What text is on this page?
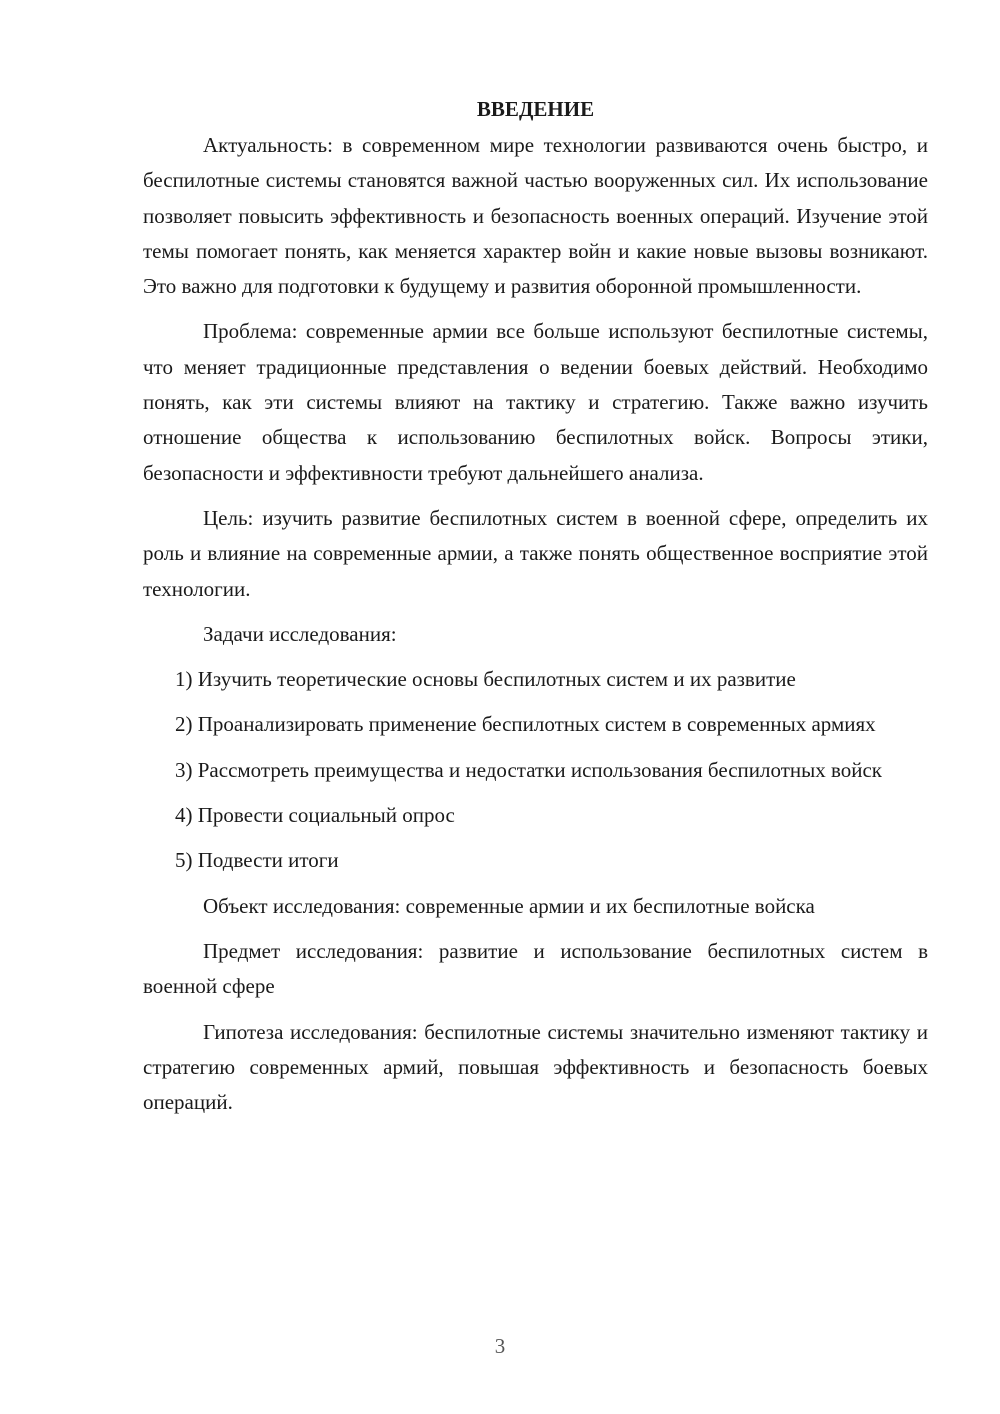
ВВЕДЕНИЕ

Актуальность: в современном мире технологии развиваются очень быстро, и беспилотные системы становятся важной частью вооруженных сил. Их использование позволяет повысить эффективность и безопасность военных операций. Изучение этой темы помогает понять, как меняется характер войн и какие новые вызовы возникают. Это важно для подготовки к будущему и развития оборонной промышленности.

Проблема: современные армии все больше используют беспилотные системы, что меняет традиционные представления о ведении боевых действий. Необходимо понять, как эти системы влияют на тактику и стратегию. Также важно изучить отношение общества к использованию беспилотных войск. Вопросы этики, безопасности и эффективности требуют дальнейшего анализа.

Цель: изучить развитие беспилотных систем в военной сфере, определить их роль и влияние на современные армии, а также понять общественное восприятие этой технологии.

Задачи исследования:

1) Изучить теоретические основы беспилотных систем и их развитие

2) Проанализировать применение беспилотных систем в современных армиях

3) Рассмотреть преимущества и недостатки использования беспилотных войск

4) Провести социальный опрос

5) Подвести итоги

Объект исследования: современные армии и их беспилотные войска

Предмет исследования: развитие и использование беспилотных систем в военной сфере

Гипотеза исследования: беспилотные системы значительно изменяют тактику и стратегию современных армий, повышая эффективность и безопасность боевых операций.

3
